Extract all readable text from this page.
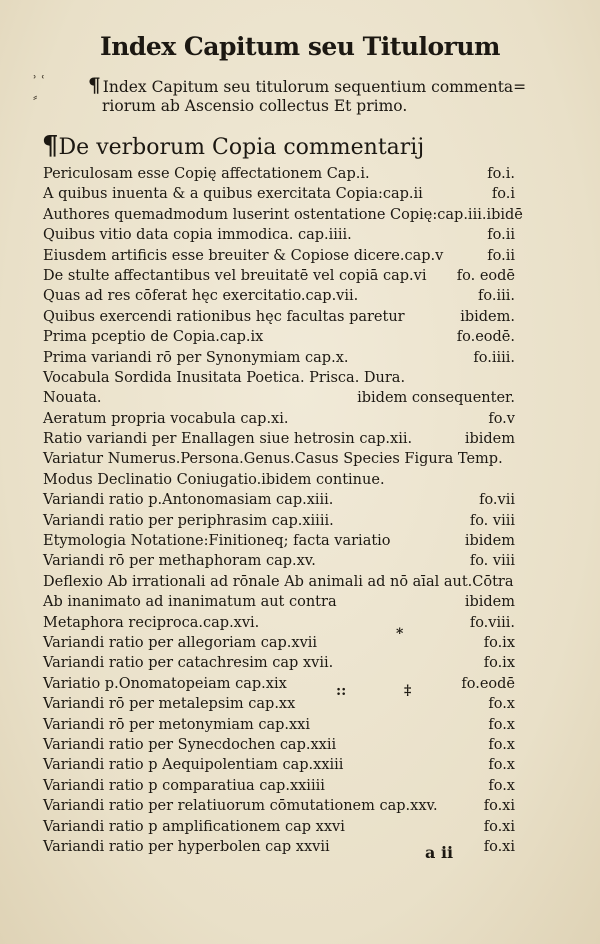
Index Capitum seu Titulorum
ʾ ʿ
⸗
¶ Index Capitum seu titulorum sequentium commenta=
riorum ab Ascensio collectus Et primo.
¶De verborum Copia commentarij
Periculosam esse Copię affectationem Cap.i.	fo.i.
A quibus inuenta & a quibus exercitata Copia:cap.ii	fo.i
Authores quemadmodum luserint ostentatione Copię:cap.iii.ibidē
Quibus vitio data copia immodica. cap.iiii.	fo.ii
Eiusdem artificis esse breuiter & Copiose dicere.cap.v	fo.ii
De stulte affectantibus vel breuitatē vel copiā cap.vi fo. eodē
Quas ad res cōferat hęc exercitatio.cap.vii.	fo.iii.
Quibus exercendi rationibus hęc facultas paretur	ibidem.
Prima pceptio de Copia.cap.ix	fo.eodē.
Prima variandi rō per Synonymiam cap.x.	fo.iiii.
Vocabula Sordida Inusitata Poetica. Prisca. Dura.
Nouata.	ibidem consequenter.
Aeratum propria vocabula cap.xi.	fo.v
Ratio variandi per Enallagen siue hetrosin cap.xii.	ibidem
Variatur Numerus.Persona.Genus.Casus Species Figura Temp.
Modus Declinatio Coniugatio.ibidem continue.
Variandi ratio p.Antonomasiam cap.xiii.	fo.vii
Variandi ratio per periphrasim cap.xiiii.	fo. viii
Etymologia Notatione:Finitioneq; facta variatio	ibidem
Variandi rō per methaphoram cap.xv.	fo. viii
Deflexio Ab irrationali ad rōnale Ab animali ad nō aīal aut.Cōtra
Ab inanimato ad inanimatum aut contra	ibidem
Metaphora reciproca.cap.xvi.	fo.viii.
Variandi ratio per allegoriam cap.xvii	fo.ix
Variandi ratio per catachresim cap xvii.	fo.ix
Variatio p.Onomatopeiam cap.xix	fo.eodē
Variandi rō per metalepsim cap.xx	fo.x
Variandi rō per metonymiam cap.xxi	fo.x
Variandi ratio per Synecdochen cap.xxii	fo.x
Variandi ratio p Aequipolentiam cap.xxiii	fo.x
Variandi ratio p comparatiua cap.xxiiii	fo.x
Variandi ratio per relatiuorum cōmutationem cap.xxv.	fo.xi
Variandi ratio p amplificationem cap xxvi	fo.xi
Variandi ratio per hyperbolen cap xxvii	fo.xi
*
::	‡
a ii
